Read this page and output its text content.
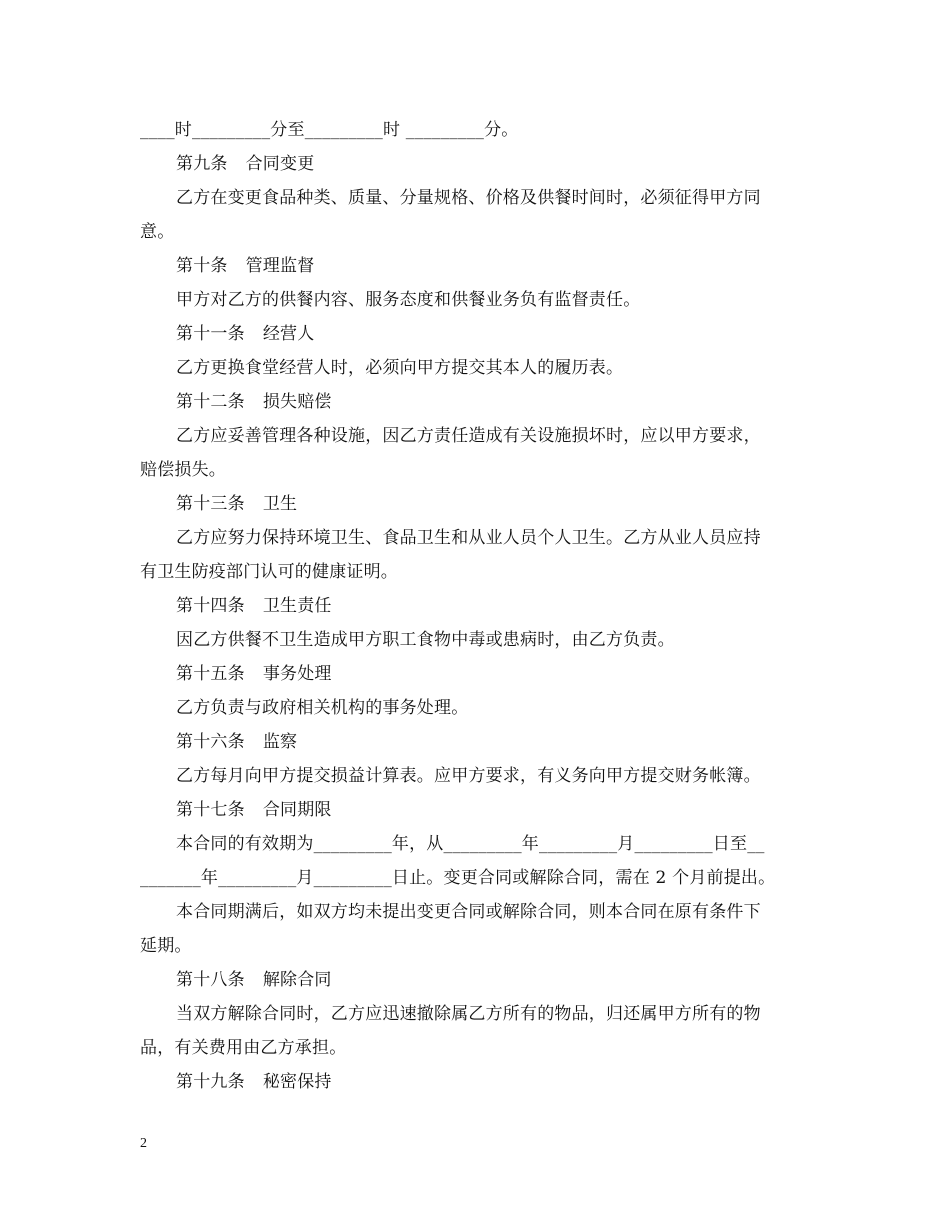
____时_________分至_________时 _________分。
第九条 合同变更
乙方在变更食品种类、质量、分量规格、价格及供餐时间时，必须征得甲方同
意。
第十条 管理监督
甲方对乙方的供餐内容、服务态度和供餐业务负有监督责任。
第十一条 经营人
乙方更换食堂经营人时，必须向甲方提交其本人的履历表。
第十二条 损失赔偿
乙方应妥善管理各种设施，因乙方责任造成有关设施损坏时，应以甲方要求，
赔偿损失。
第十三条 卫生
乙方应努力保持环境卫生、食品卫生和从业人员个人卫生。乙方从业人员应持
有卫生防疫部门认可的健康证明。
第十四条 卫生责任
因乙方供餐不卫生造成甲方职工食物中毒或患病时，由乙方负责。
第十五条 事务处理
乙方负责与政府相关机构的事务处理。
第十六条 监察
乙方每月向甲方提交损益计算表。应甲方要求，有义务向甲方提交财务帐簿。
第十七条 合同期限
本合同的有效期为_________年，从_________年_________月_________日至__
_______年_________月_________日止。变更合同或解除合同，需在 2 个月前提出。
本合同期满后，如双方均未提出变更合同或解除合同，则本合同在原有条件下
延期。
第十八条 解除合同
当双方解除合同时，乙方应迅速撤除属乙方所有的物品，归还属甲方所有的物
品，有关费用由乙方承担。
第十九条 秘密保持
2
